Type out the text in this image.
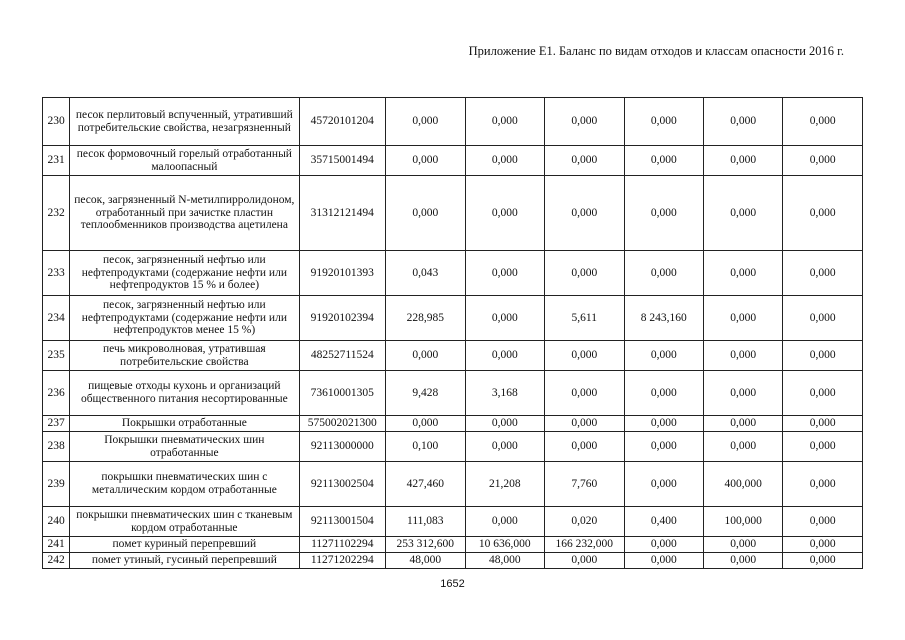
Приложение Е1. Баланс по видам отходов и классам опасности 2016 г.
230	песок перлитовый вспученный, утративший потребительские свойства, незагрязненный	45720101204	0,000	0,000	0,000	0,000	0,000	0,000
231	песок формовочный горелый отработанный малоопасный	35715001494	0,000	0,000	0,000	0,000	0,000	0,000
232	песок, загрязненный N-метилпирролидоном, отработанный при зачистке пластин теплообменников производства ацетилена	31312121494	0,000	0,000	0,000	0,000	0,000	0,000
233	песок, загрязненный нефтью или нефтепродуктами (содержание нефти или нефтепродуктов 15 % и более)	91920101393	0,043	0,000	0,000	0,000	0,000	0,000
234	песок, загрязненный нефтью или нефтепродуктами (содержание нефти или нефтепродуктов менее 15 %)	91920102394	228,985	0,000	5,611	8 243,160	0,000	0,000
235	печь микроволновая, утратившая потребительские свойства	48252711524	0,000	0,000	0,000	0,000	0,000	0,000
236	пищевые отходы кухонь и организаций общественного питания несортированные	73610001305	9,428	3,168	0,000	0,000	0,000	0,000
237	Покрышки отработанные	575002021300	0,000	0,000	0,000	0,000	0,000	0,000
238	Покрышки пневматических шин отработанные	92113000000	0,100	0,000	0,000	0,000	0,000	0,000
239	покрышки пневматических шин с металлическим кордом отработанные	92113002504	427,460	21,208	7,760	0,000	400,000	0,000
240	покрышки пневматических шин с тканевым кордом отработанные	92113001504	111,083	0,000	0,020	0,400	100,000	0,000
241	помет куриный перепревший	11271102294	253 312,600	10 636,000	166 232,000	0,000	0,000	0,000
242	помет утиный, гусиный перепревший	11271202294	48,000	48,000	0,000	0,000	0,000	0,000
1652
